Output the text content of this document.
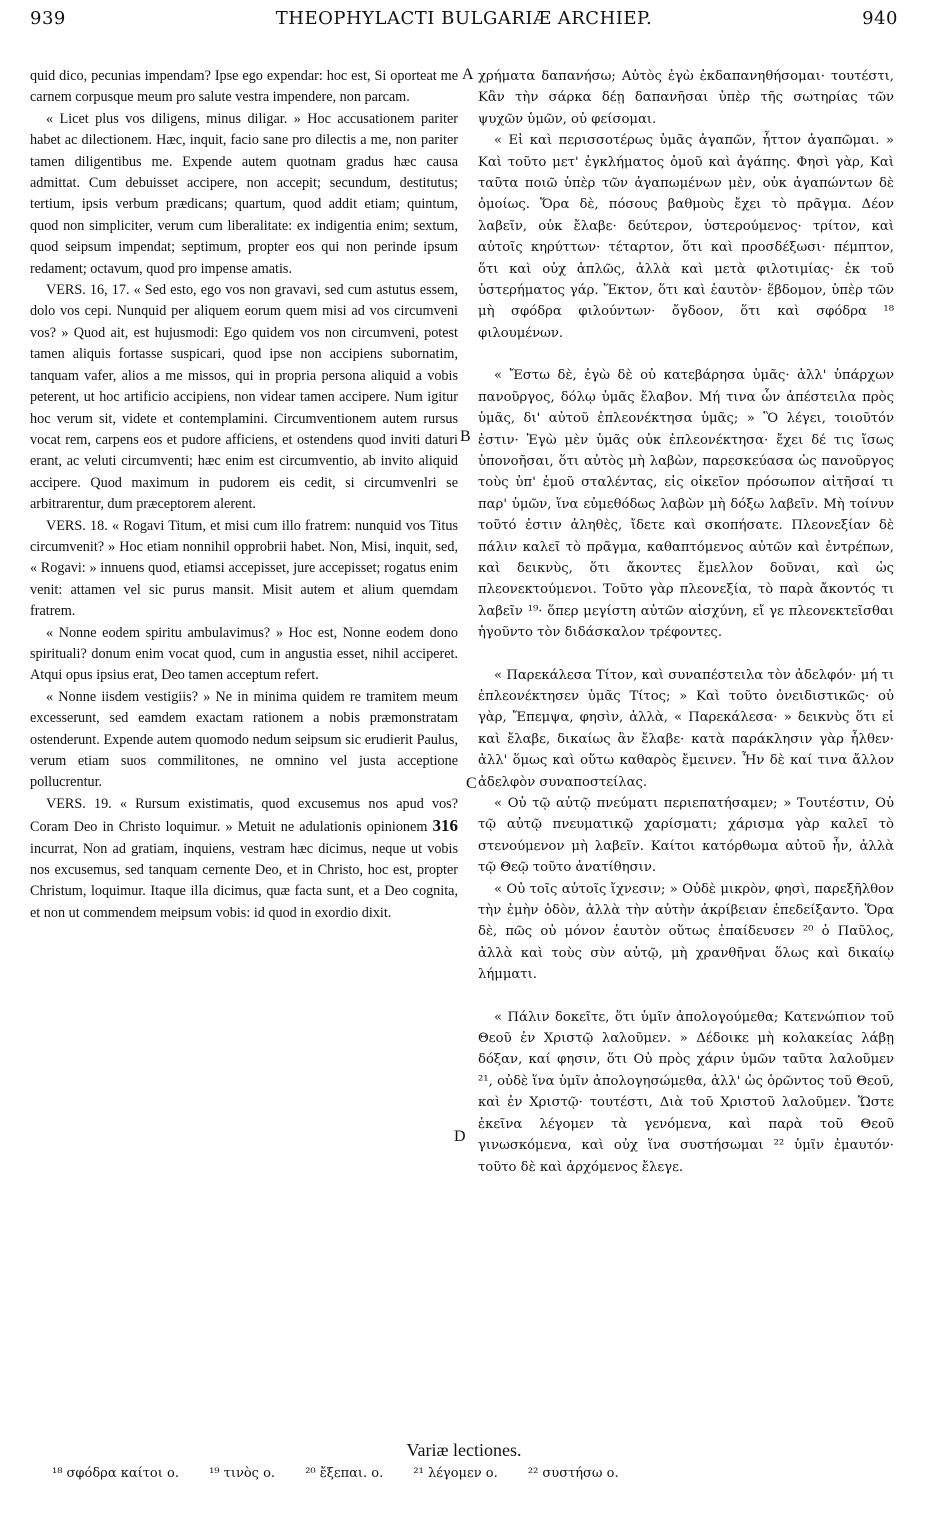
939	THEOPHYLACTI BULGARIÆ ARCHIEP.	940
A
B
C
D

quid dico, pecunias impendam? Ipse ego expendar: hoc est, Si oporteat me carnem corpusque meum pro salute vestra impendere, non parcam.

« Licet plus vos diligens, minus diligar. » Hoc accusationem pariter habet ac dilectionem. Hæc, inquit, facio sane pro dilectis a me, non pariter tamen diligentibus me. Expende autem quotnam gradus hæc causa admittat. Cum debuisset accipere, non accepit; secundum, destitutus; tertium, ipsis verbum prædicans; quartum, quod addit etiam; quintum, quod non simpliciter, verum cum liberalitate: ex indigentia enim; sextum, quod seipsum impendat; septimum, propter eos qui non perinde ipsum redament; octavum, quod pro impense amatis.

VERS. 16, 17. « Sed esto, ego vos non gravavi, sed cum astutus essem, dolo vos cepi. Nunquid per aliquem eorum quem misi ad vos circumveni vos? » Quod ait, est hujusmodi: Ego quidem vos non circumveni, potest tamen aliquis fortasse suspicari, quod ipse non accipiens subornatim, tanquam vafer, alios a me missos, qui in propria persona aliquid a vobis peterent, ut hoc artificio accipiens, non videar tamen accipere. Num igitur hoc verum sit, videte et contemplamini. Circumventionem autem rursus vocat rem, carpens eos et pudore afficiens, et ostendens quod inviti daturi erant, ac veluti circumventi; hæc enim est circumventio, ab invito aliquid accipere. Quod maximum in pudorem eis cedit, si circumvenlri se arbitrarentur, dum præceptorem alerent.

VERS. 18. « Rogavi Titum, et misi cum illo fratrem: nunquid vos Titus circumvenit? » Hoc etiam nonnihil opprobrii habet. Non, Misi, inquit, sed, « Rogavi: » innuens quod, etiamsi accepisset, jure accepisset; rogatus enim venit: attamen vel sic purus mansit. Misit autem et alium quemdam fratrem.

« Nonne eodem spiritu ambulavimus? » Hoc est, Nonne eodem dono spirituali? donum enim vocat quod, cum in angustia esset, nihil acciperet. Atqui opus ipsius erat, Deo tamen acceptum refert.

« Nonne iisdem vestigiis? » Ne in minima quidem re tramitem meum excesserunt, sed eamdem exactam rationem a nobis præmonstratam ostenderunt. Expende autem quomodo nedum seipsum sic erudierit Paulus, verum etiam suos commilitones, ne omnino vel justa acceptione pollucrentur.

VERS. 19. « Rursum existimatis, quod excusemus nos apud vos? Coram Deo in Christo loquimur. » Metuit ne adulationis opinionem 316 incurrat, Non ad gratiam, inquiens, vestram hæc dicimus, neque ut vobis nos excusemus, sed tanquam cernente Deo, et in Christo, hoc est, propter Christum, loquimur. Itaque illa dicimus, quæ facta sunt, et a Deo cognita, et non ut commendem meipsum vobis: id quod in exordio dixit.

χρήματα δαπανήσω; Αὐτὸς ἐγὼ ἐκδαπανηθήσομαι· τουτέστι, Κἂν τὴν σάρκα δέῃ δαπανῆσαι ὑπὲρ τῆς σωτηρίας τῶν ψυχῶν ὑμῶν, οὐ φείσομαι.

« Εἰ καὶ περισσοτέρως ὑμᾶς ἀγαπῶν, ἧττον ἀγαπῶμαι. » Καὶ τοῦτο μετ' ἐγκλήματος ὁμοῦ καὶ ἀγάπης. Φησὶ γὰρ, Καὶ ταῦτα ποιῶ ὑπὲρ τῶν ἀγαπωμένων μὲν, οὐκ ἀγαπώντων δὲ ὁμοίως. Ὅρα δὲ, πόσους βαθμοὺς ἔχει τὸ πρᾶγμα. Δέον λαβεῖν, οὐκ ἔλαβε· δεύτερον, ὑστερούμενος· τρίτον, καὶ αὐτοῖς κηρύττων· τέταρτον, ὅτι καὶ προσδέξωσι· πέμπτον, ὅτι καὶ οὐχ ἁπλῶς, ἀλλὰ καὶ μετὰ φιλοτιμίας· ἐκ τοῦ ὑστερήματος γάρ. Ἕκτον, ὅτι καὶ ἑαυτὸν· ἕβδομον, ὑπὲρ τῶν μὴ σφόδρα φιλούντων· ὄγδοον, ὅτι καὶ σφόδρα ¹⁸ φιλουμένων.

« Ἔστω δὲ, ἐγὼ δὲ οὐ κατεβάρησα ὑμᾶς· ἀλλ' ὑπάρχων πανοῦργος, δόλῳ ὑμᾶς ἔλαβον. Μή τινα ὧν ἀπέστειλα πρὸς ὑμᾶς, δι' αὐτοῦ ἐπλεονέκτησα ὑμᾶς; » Ὃ λέγει, τοιοῦτόν ἐστιν· Ἐγὼ μὲν ὑμᾶς οὐκ ἐπλεονέκτησα· ἔχει δέ τις ἴσως ὑπονοῆσαι, ὅτι αὐτὸς μὴ λαβὼν, παρεσκεύασα ὡς πανοῦργος τοὺς ὑπ' ἐμοῦ σταλέντας, εἰς οἰκεῖον πρόσωπον αἰτῆσαί τι παρ' ὑμῶν, ἵνα εὐμεθόδως λαβὼν μὴ δόξω λαβεῖν. Μὴ τοίνυν τοῦτό ἐστιν ἀληθὲς, ἴδετε καὶ σκοπήσατε. Πλεονεξίαν δὲ πάλιν καλεῖ τὸ πρᾶγμα, καθαπτόμενος αὐτῶν καὶ ἐντρέπων, καὶ δεικνὺς, ὅτι ἄκοντες ἔμελλον δοῦναι, καὶ ὡς πλεονεκτούμενοι. Τοῦτο γὰρ πλεονεξία, τὸ παρὰ ἄκοντός τι λαβεῖν ¹⁹· ὅπερ μεγίστη αὐτῶν αἰσχύνη, εἴ γε πλεονεκτεῖσθαι ἡγοῦντο τὸν διδάσκαλον τρέφοντες.

« Παρεκάλεσα Τίτον, καὶ συναπέστειλα τὸν ἀδελφόν· μή τι ἐπλεονέκτησεν ὑμᾶς Τίτος; » Καὶ τοῦτο ὀνειδιστικῶς· οὐ γὰρ, Ἔπεμψα, φησὶν, ἀλλὰ, « Παρεκάλεσα· » δεικνὺς ὅτι εἰ καὶ ἔλαβε, δικαίως ἂν ἔλαβε· κατὰ παράκλησιν γὰρ ἦλθεν· ἀλλ' ὅμως καὶ οὕτω καθαρὸς ἔμεινεν. Ἦν δὲ καί τινα ἄλλον ἀδελφὸν συναποστείλας.

« Οὐ τῷ αὐτῷ πνεύματι περιεπατήσαμεν; » Τουτέστιν, Οὐ τῷ αὐτῷ πνευματικῷ χαρίσματι; χάρισμα γὰρ καλεῖ τὸ στενούμενον μὴ λαβεῖν. Καίτοι κατόρθωμα αὐτοῦ ἦν, ἀλλὰ τῷ Θεῷ τοῦτο ἀνατίθησιν.

« Οὐ τοῖς αὐτοῖς ἴχνεσιν; » Οὐδὲ μικρὸν, φησὶ, παρεξῆλθον τὴν ἐμὴν ὁδὸν, ἀλλὰ τὴν αὐτὴν ἀκρίβειαν ἐπεδείξαντο. Ὅρα δὲ, πῶς οὐ μόνον ἑαυτὸν οὕτως ἐπαίδευσεν ²⁰ ὁ Παῦλος, ἀλλὰ καὶ τοὺς σὺν αὐτῷ, μὴ χρανθῆναι ὅλως καὶ δικαίῳ λήμματι.

« Πάλιν δοκεῖτε, ὅτι ὑμῖν ἀπολογούμεθα; Κατενώπιον τοῦ Θεοῦ ἐν Χριστῷ λαλοῦμεν. » Δέδοικε μὴ κολακείας λάβῃ δόξαν, καί φησιν, ὅτι Οὐ πρὸς χάριν ὑμῶν ταῦτα λαλοῦμεν ²¹, οὐδὲ ἵνα ὑμῖν ἀπολογησώμεθα, ἀλλ' ὡς ὁρῶντος τοῦ Θεοῦ, καὶ ἐν Χριστῷ· τουτέστι, Διὰ τοῦ Χριστοῦ λαλοῦμεν. Ὥστε ἐκεῖνα λέγομεν τὰ γενόμενα, καὶ παρὰ τοῦ Θεοῦ γινωσκόμενα, καὶ οὐχ ἵνα συστήσωμαι ²² ὑμῖν ἐμαυτόν· τοῦτο δὲ καὶ ἀρχόμενος ἔλεγε.

Variæ lectiones.
¹⁸ σφόδρα καίτοι ο. ¹⁹ τινὸς ο. ²⁰ ἔξεπαι. ο. ²¹ λέγομεν ο. ²² συστήσω ο.
